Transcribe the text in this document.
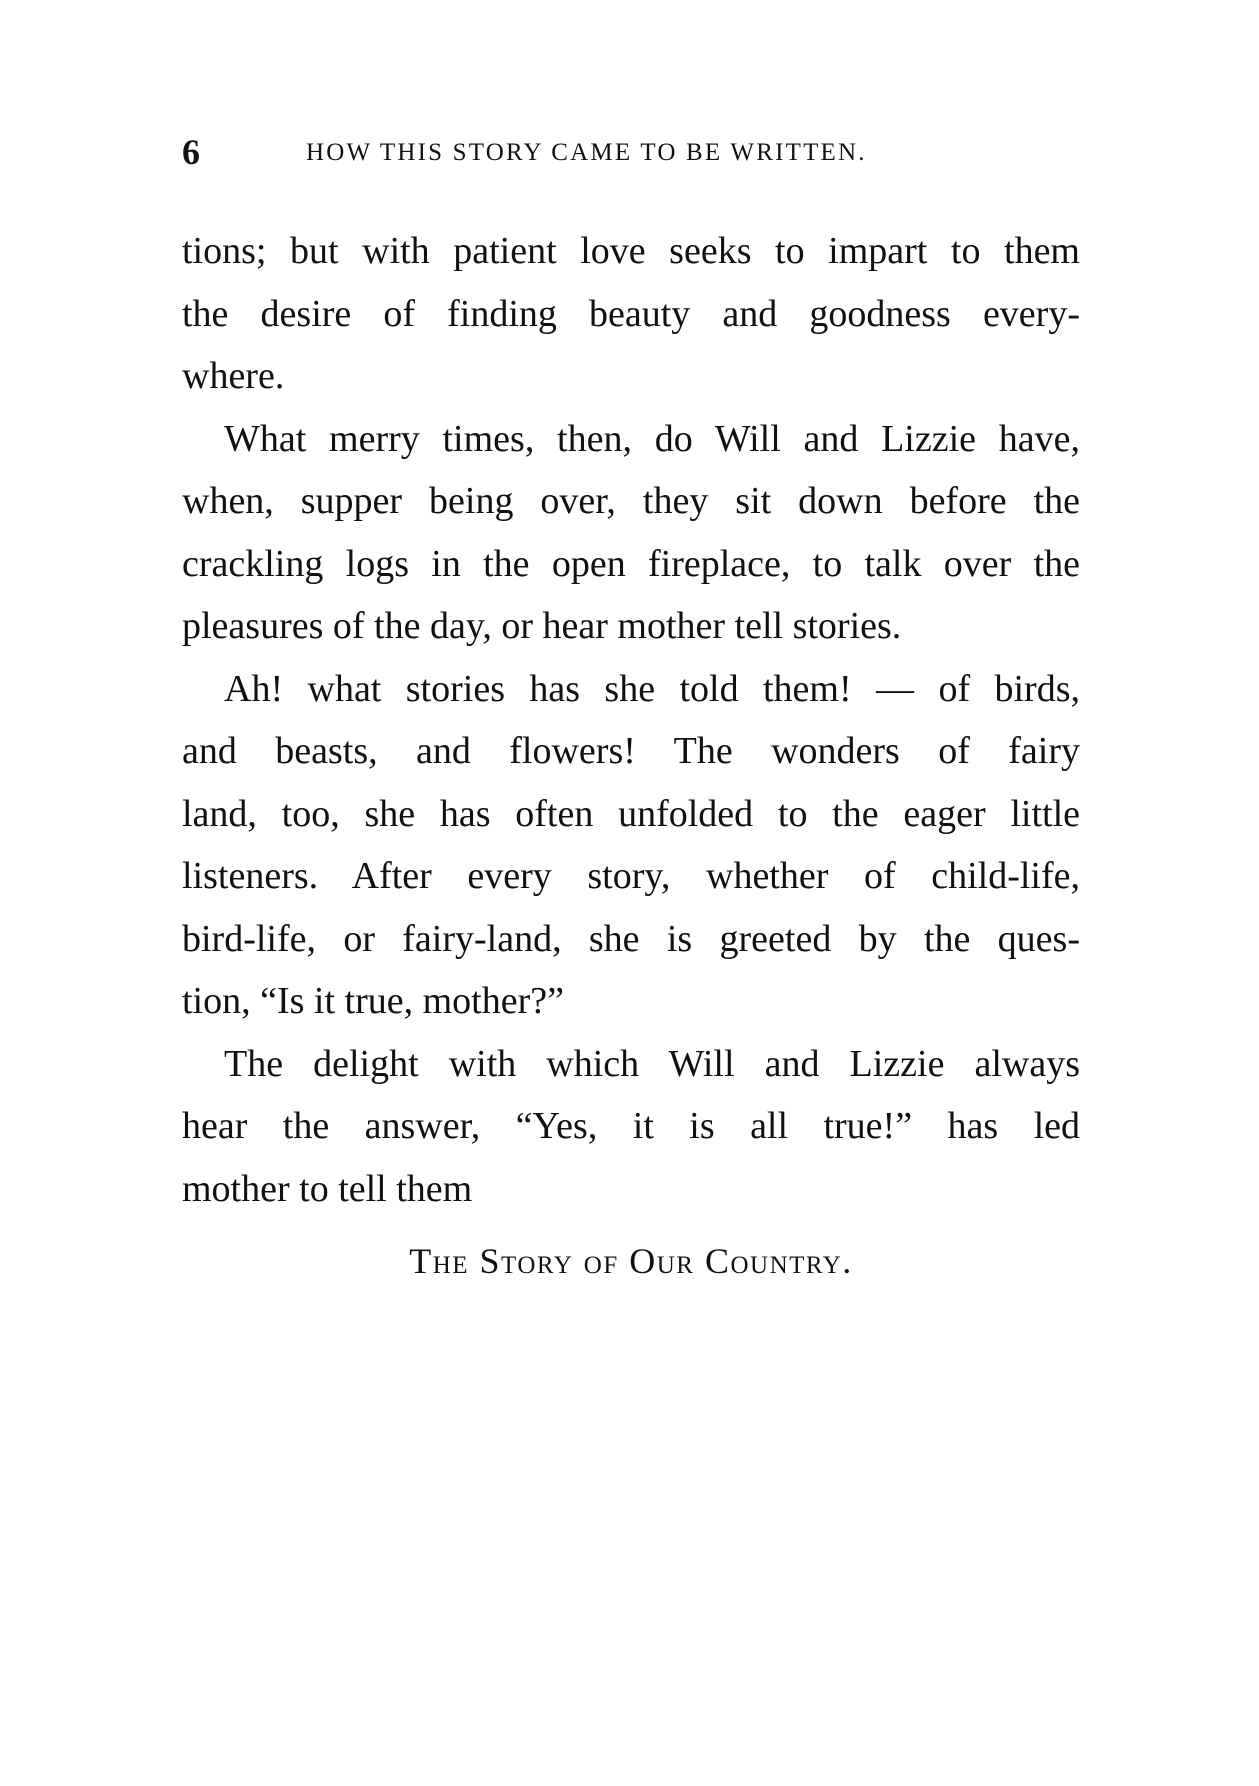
6	HOW THIS STORY CAME TO BE WRITTEN.
tions; but with patient love seeks to impart to them
the desire of finding beauty and goodness every-
where.
What merry times, then, do Will and Lizzie have,
when, supper being over, they sit down before the
crackling logs in the open fireplace, to talk over the
pleasures of the day, or hear mother tell stories.
Ah! what stories has she told them! — of birds,
and beasts, and flowers! The wonders of fairy
land, too, she has often unfolded to the eager little
listeners. After every story, whether of child-life,
bird-life, or fairy-land, she is greeted by the ques-
tion, “Is it true, mother?”
The delight with which Will and Lizzie always
hear the answer, “Yes, it is all true!” has led
mother to tell them
The Story of Our Country.
